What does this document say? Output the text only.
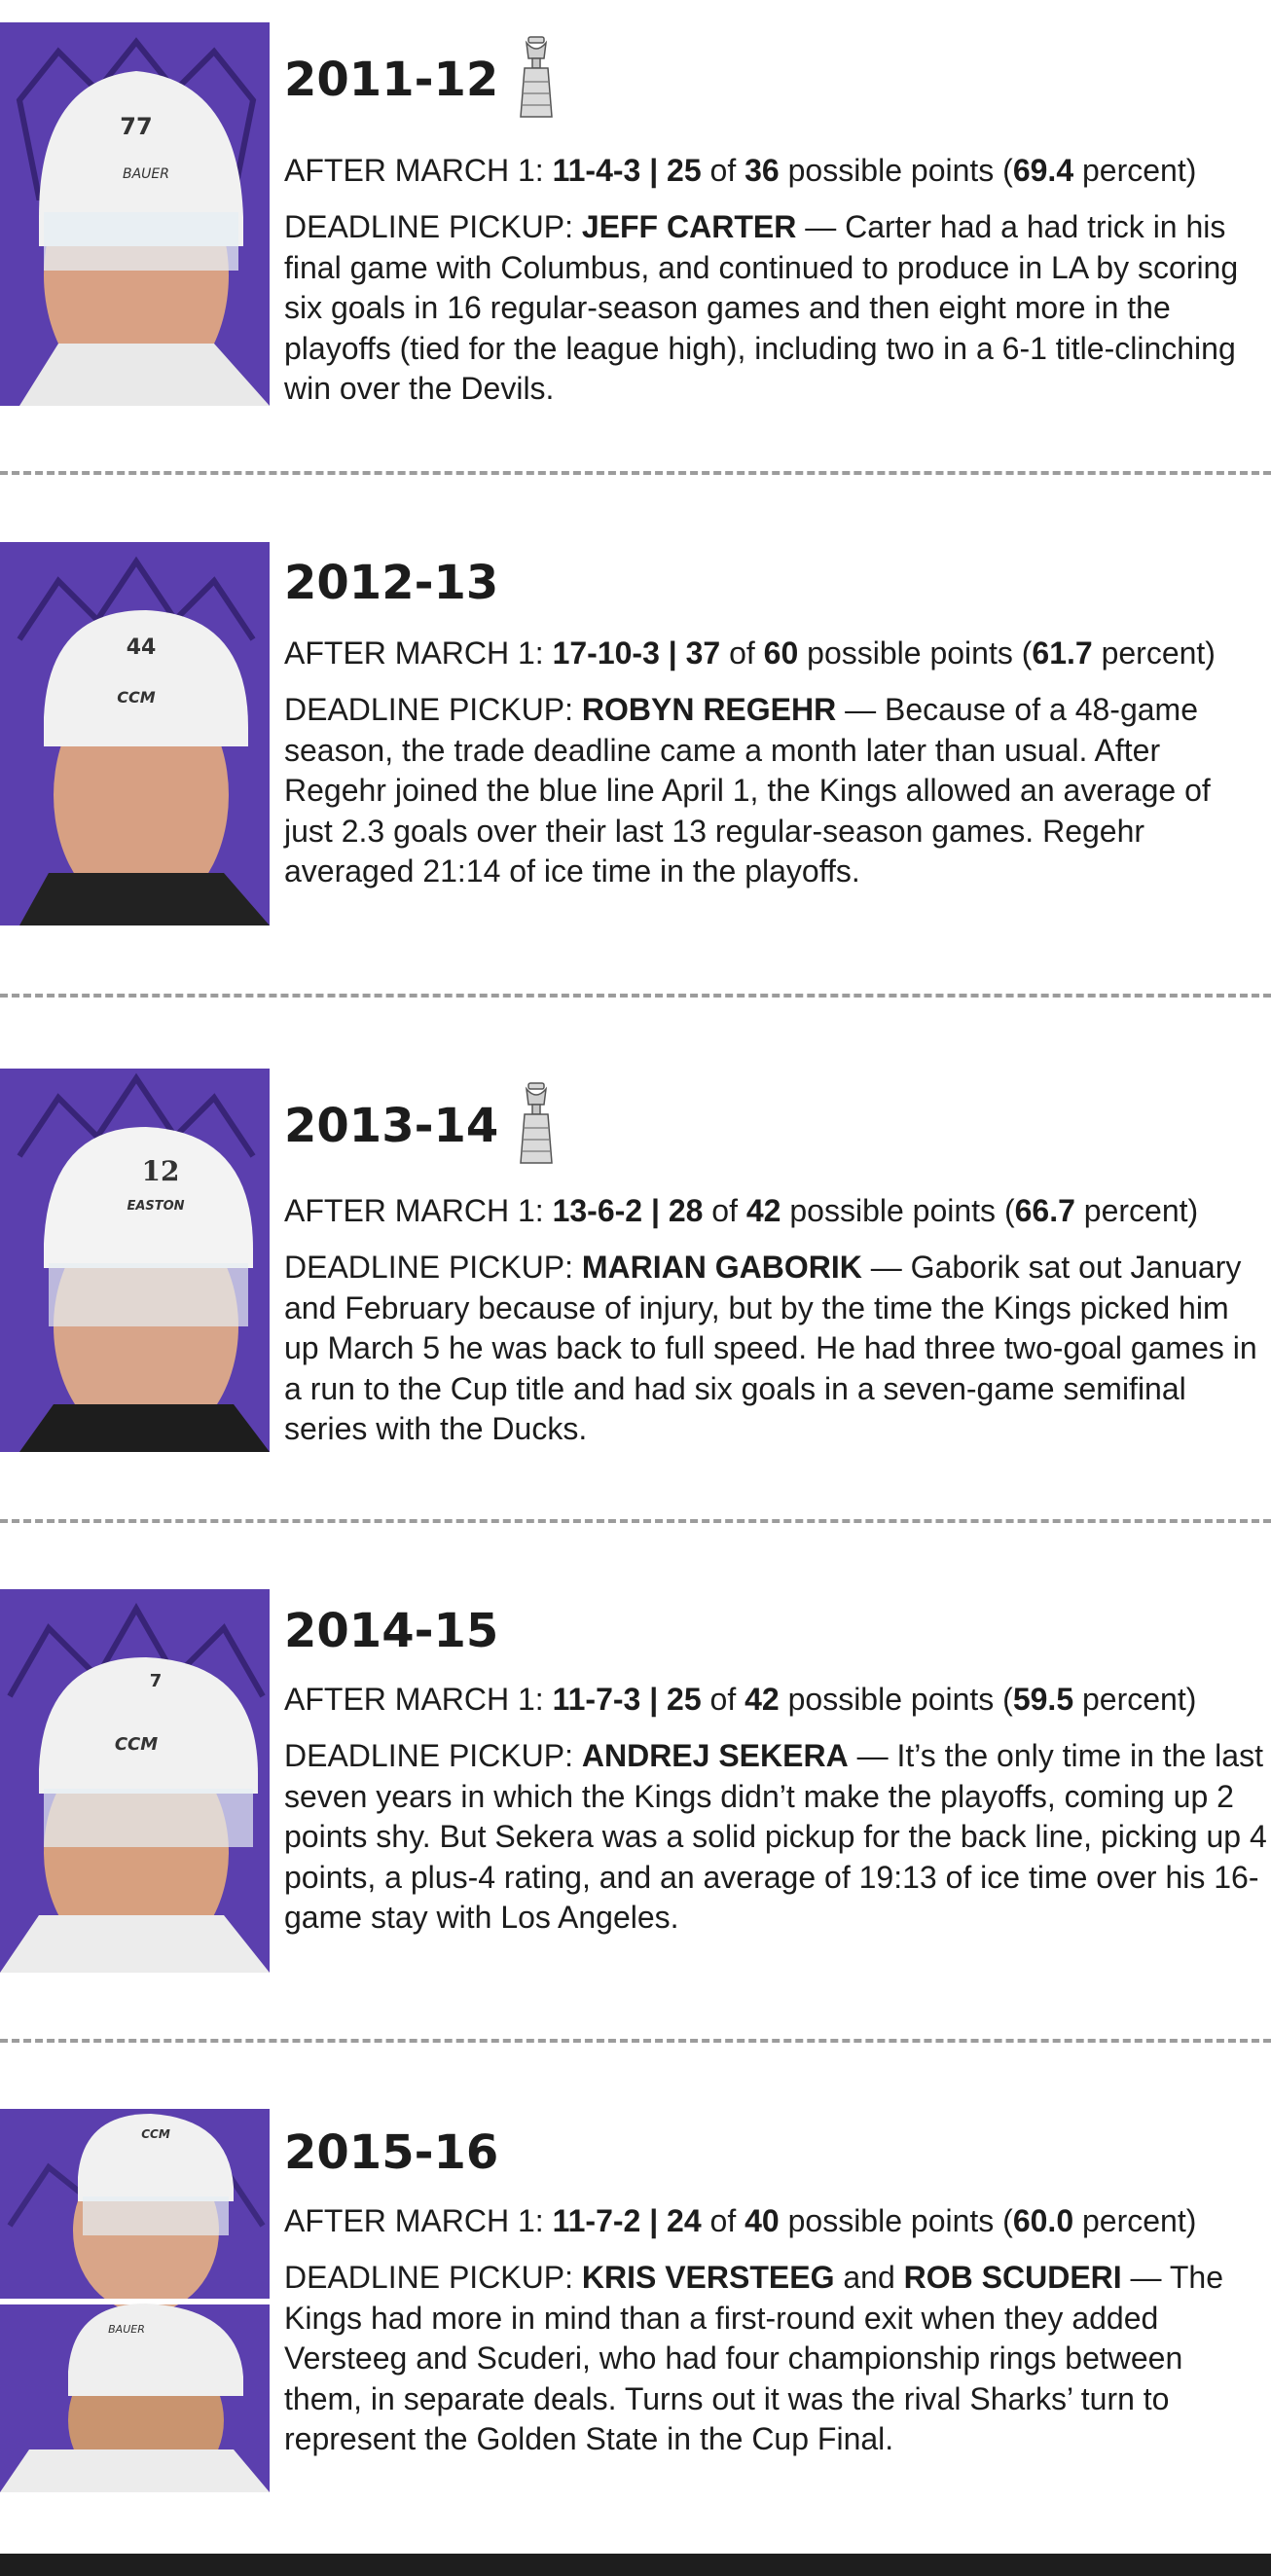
77
BAUER
2011-12
AFTER MARCH 1: 11-4-3 | 25 of 36 possible points (69.4 percent)
DEADLINE PICKUP: JEFF CARTER — Carter had a had trick in his final game with Columbus, and continued to produce in LA by scoring six goals in 16 regular-season games and then eight more in the playoffs (tied for the league high), including two in a 6-1 title-clinching win over the Devils.
44
CCM
2012-13
AFTER MARCH 1: 17-10-3 | 37 of 60 possible points (61.7 percent)
DEADLINE PICKUP: ROBYN REGEHR — Because of a 48-game season, the trade deadline came a month later than usual. After Regehr joined the blue line April 1, the Kings allowed an average of just 2.3 goals over their last 13 regular-season games. Regehr averaged 21:14 of ice time in the playoffs.
12
EASTON
2013-14
AFTER MARCH 1: 13-6-2 | 28 of 42 possible points (66.7 percent)
DEADLINE PICKUP: MARIAN GABORIK — Gaborik sat out January and February because of injury, but by the time the Kings picked him up March 5 he was back to full speed. He had three two-goal games in a run to the Cup title and had six goals in a seven-game semifinal series with the Ducks.
7
CCM
2014-15
AFTER MARCH 1: 11-7-3 | 25 of 42 possible points (59.5 percent)
DEADLINE PICKUP: ANDREJ SEKERA — It’s the only time in the last seven years in which the Kings didn’t make the playoffs, coming up 2 points shy. But Sekera was a solid pickup for the back line, picking up 4 points, a plus-4 rating, and an average of 19:13 of ice time over his 16-game stay with Los Angeles.
CCM
BAUER
2015-16
AFTER MARCH 1: 11-7-2 | 24 of 40 possible points (60.0 percent)
DEADLINE PICKUP: KRIS VERSTEEG and ROB SCUDERI — The Kings had more in mind than a first-round exit when they added Versteeg and Scuderi, who had four championship rings between them, in separate deals. Turns out it was the rival Sharks’ turn to represent the Golden State in the Cup Final.
